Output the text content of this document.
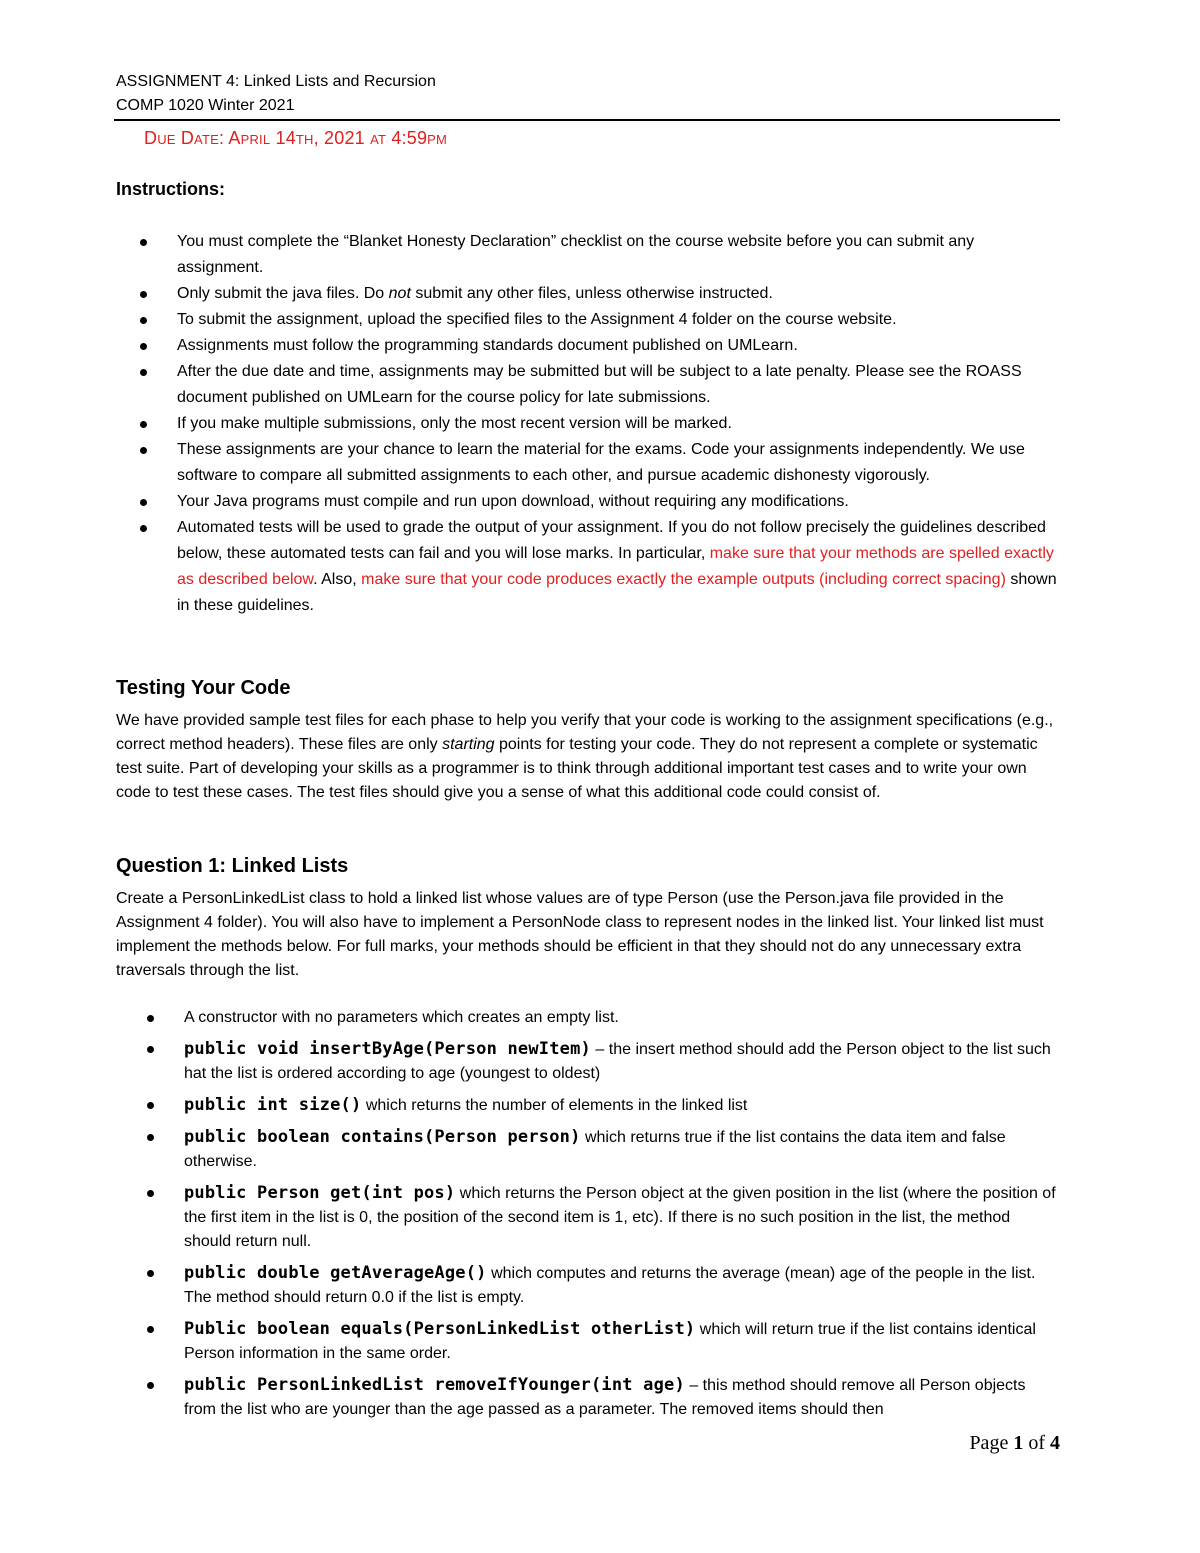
ASSIGNMENT 4: Linked Lists and Recursion
COMP 1020 Winter 2021
Due Date: April 14th, 2021 at 4:59pm
Instructions:
You must complete the “Blanket Honesty Declaration” checklist on the course website before you can submit any assignment.
Only submit the java files. Do not submit any other files, unless otherwise instructed.
To submit the assignment, upload the specified files to the Assignment 4 folder on the course website.
Assignments must follow the programming standards document published on UMLearn.
After the due date and time, assignments may be submitted but will be subject to a late penalty. Please see the ROASS document published on UMLearn for the course policy for late submissions.
If you make multiple submissions, only the most recent version will be marked.
These assignments are your chance to learn the material for the exams. Code your assignments independently. We use software to compare all submitted assignments to each other, and pursue academic dishonesty vigorously.
Your Java programs must compile and run upon download, without requiring any modifications.
Automated tests will be used to grade the output of your assignment. If you do not follow precisely the guidelines described below, these automated tests can fail and you will lose marks. In particular, make sure that your methods are spelled exactly as described below. Also, make sure that your code produces exactly the example outputs (including correct spacing) shown in these guidelines.
Testing Your Code

We have provided sample test files for each phase to help you verify that your code is working to the assignment specifications (e.g., correct method headers). These files are only starting points for testing your code. They do not represent a complete or systematic test suite. Part of developing your skills as a programmer is to think through additional important test cases and to write your own code to test these cases. The test files should give you a sense of what this additional code could consist of.

Question 1: Linked Lists

Create a PersonLinkedList class to hold a linked list whose values are of type Person (use the Person.java file provided in the Assignment 4 folder). You will also have to implement a PersonNode class to represent nodes in the linked list. Your linked list must implement the methods below. For full marks, your methods should be efficient in that they should not do any unnecessary extra traversals through the list.

A constructor with no parameters which creates an empty list.
public void insertByAge(Person newItem) – the insert method should add the Person object to the list such hat the list is ordered according to age (youngest to oldest)
public int size() which returns the number of elements in the linked list
public boolean contains(Person person) which returns true if the list contains the data item and false otherwise.
public Person get(int pos) which returns the Person object at the given position in the list (where the position of the first item in the list is 0, the position of the second item is 1, etc). If there is no such position in the list, the method should return null.
public double getAverageAge() which computes and returns the average (mean) age of the people in the list. The method should return 0.0 if the list is empty.
Public boolean equals(PersonLinkedList otherList) which will return true if the list contains identical Person information in the same order.
public PersonLinkedList removeIfYounger(int age) – this method should remove all Person objects from the list who are younger than the age passed as a parameter. The removed items should then
Page 1 of 4
